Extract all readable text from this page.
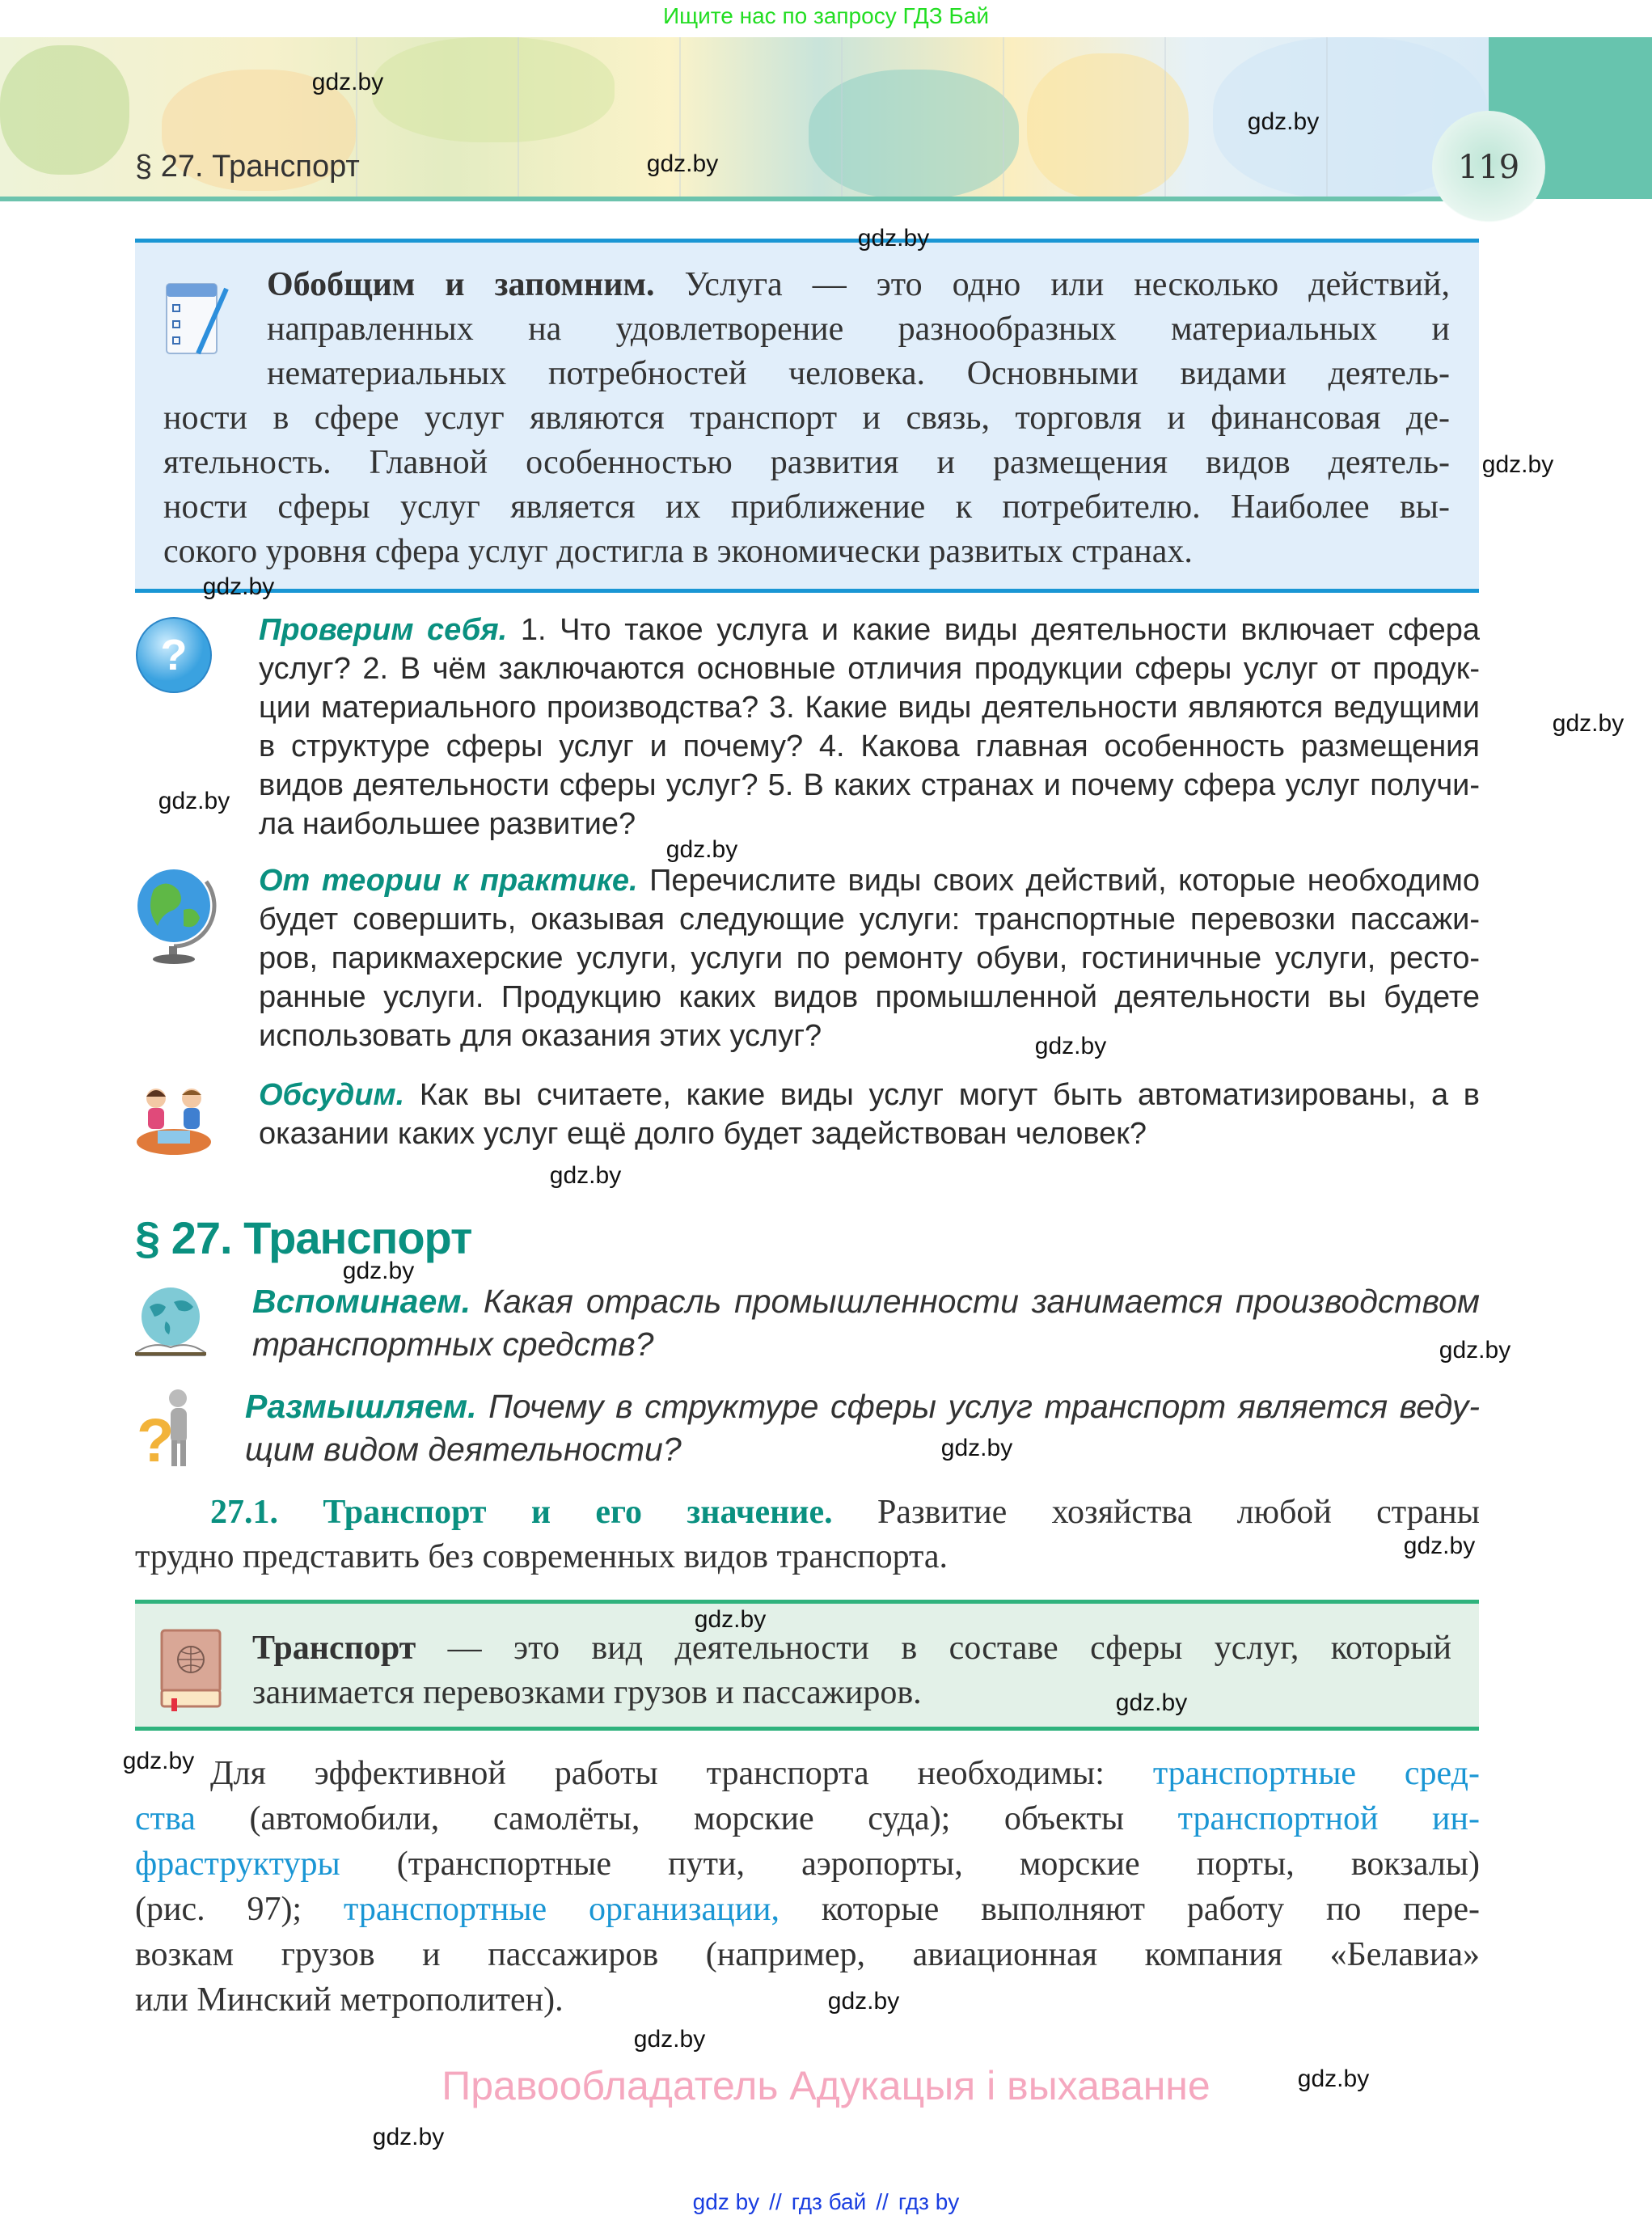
Ищите нас по запросу ГДЗ Бай
119
§ 27. Транспорт
Обобщим и запомним. Услуга — это одно или несколько действий,
направленных на удовлетворение разнообразных материальных и
нематериальных потребностей человека. Основными видами деятель-
ности в сфере услуг являются транспорт и связь, торговля и финансовая де-
ятельность. Главной особенностью развития и размещения видов деятель-
ности сферы услуг является их приближение к потребителю. Наиболее вы-
сокого уровня сфера услуг достигла в экономически развитых странах.
?
Проверим себя. 1. Что такое услуга и какие виды деятельности включает сфера
услуг? 2. В чём заключаются основные отличия продукции сферы услуг от продук-
ции материального производства? 3. Какие виды деятельности являются ведущими
в структуре сферы услуг и почему? 4. Какова главная особенность размещения
видов деятельности сферы услуг? 5. В каких странах и почему сфера услуг получи-
ла наибольшее развитие?
От теории к практике. Перечислите виды своих действий, которые необходимо
будет совершить, оказывая следующие услуги: транспортные перевозки пассажи-
ров, парикмахерские услуги, услуги по ремонту обуви, гостиничные услуги, ресто-
ранные услуги. Продукцию каких видов промышленной деятельности вы будете
использовать для оказания этих услуг?
Обсудим. Как вы считаете, какие виды услуг могут быть автоматизированы, а в
оказании каких услуг ещё долго будет задействован человек?
§ 27. Транспорт
Вспоминаем. Какая отрасль промышленности занимается производством
транспортных средств?
? Размышляем. Почему в структуре сферы услуг транспорт является веду-
щим видом деятельности?
27.1. Транспорт и его значение. Развитие хозяйства любой страны
трудно представить без современных видов транспорта.
Транспорт — это вид деятельности в составе сферы услуг, который
занимается перевозками грузов и пассажиров.
Для эффективной работы транспорта необходимы: транспортные сред-
ства (автомобили, самолёты, морские суда); объекты транспортной ин-
фраструктуры (транспортные пути, аэропорты, морские порты, вокзалы)
(рис. 97); транспортные организации, которые выполняют работу по пере-
возкам грузов и пассажиров (например, авиационная компания «Белавиа»
или Минский метрополитен).
Правообладатель Адукацыя і выхаванне
gdz by // гдз бай // гдз by
gdz.by
gdz.by
gdz.by
gdz.by
gdz.by
gdz.by
gdz.by
gdz.by
gdz.by
gdz.by
gdz.by
gdz.by
gdz.by
gdz.by
gdz.by
gdz.by
gdz.by
gdz.by
gdz.by
gdz.by
gdz.by
gdz.by
